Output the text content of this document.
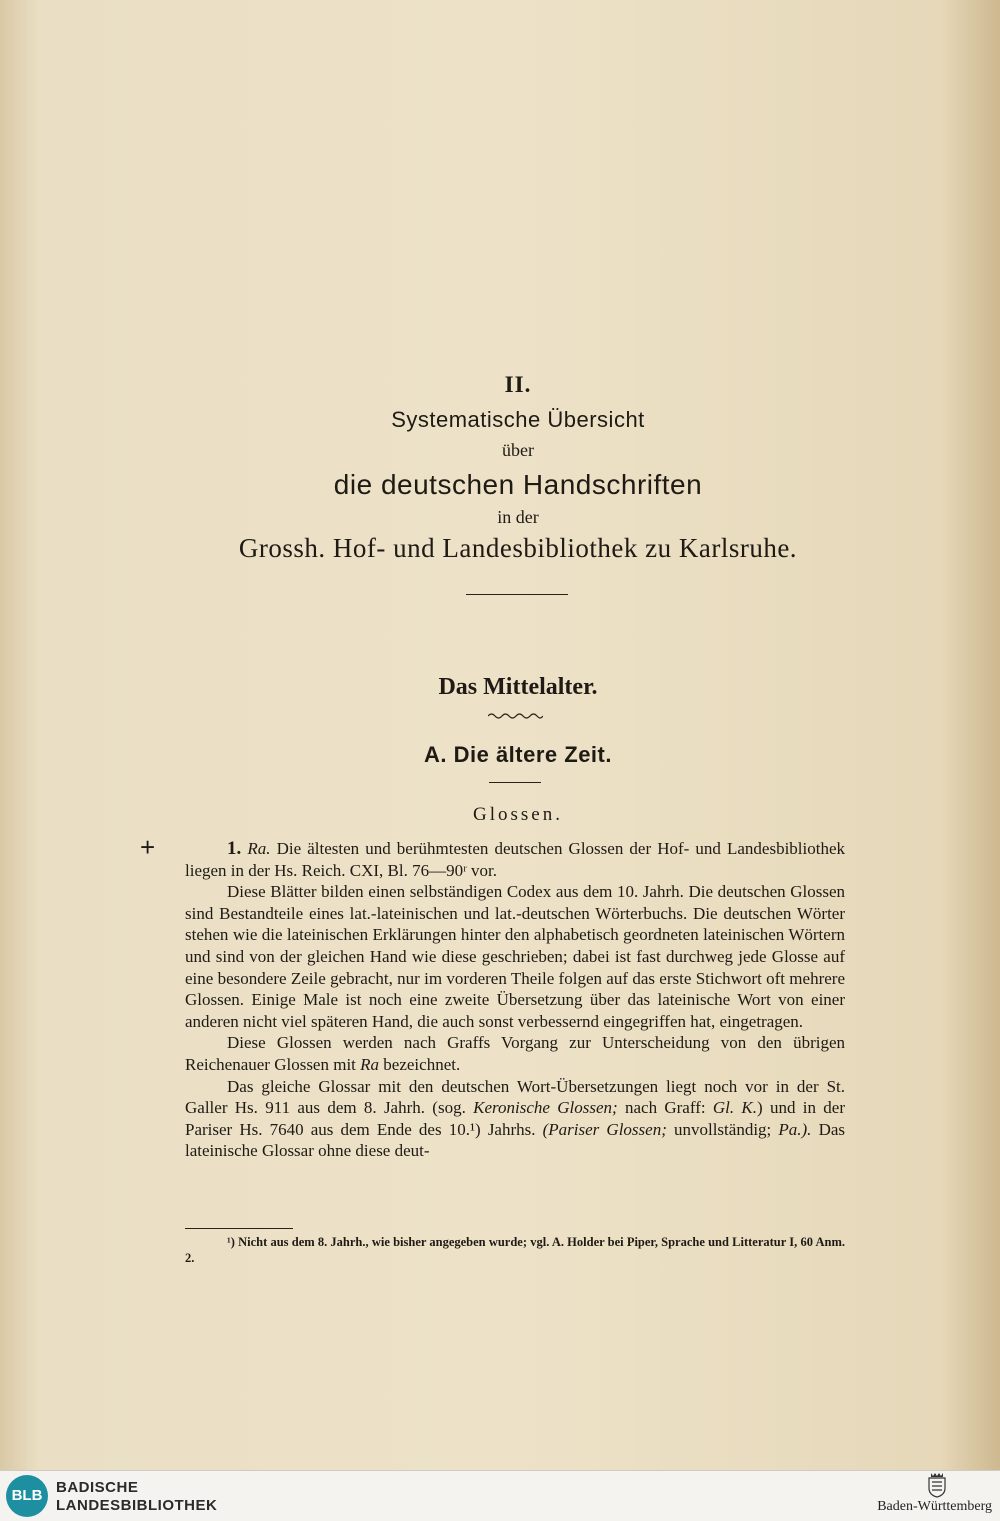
II.
Systematische Übersicht
über
die deutschen Handschriften
in der
Grossh. Hof- und Landesbibliothek zu Karlsruhe.
Das Mittelalter.
A. Die ältere Zeit.
Glossen.
+	1. Ra. Die ältesten und berühmtesten deutschen Glossen der Hof- und Landesbibliothek liegen in der Hs. Reich. CXI, Bl. 76—90ʳ vor.

Diese Blätter bilden einen selbständigen Codex aus dem 10. Jahrh. Die deutschen Glossen sind Bestandteile eines lat.-lateinischen und lat.-deutschen Wörterbuchs. Die deutschen Wörter stehen wie die lateinischen Erklärungen hinter den alphabetisch geordneten lateinischen Wörtern und sind von der gleichen Hand wie diese geschrieben; dabei ist fast durchweg jede Glosse auf eine besondere Zeile gebracht, nur im vorderen Theile folgen auf das erste Stichwort oft mehrere Glossen. Einige Male ist noch eine zweite Übersetzung über das lateinische Wort von einer anderen nicht viel späteren Hand, die auch sonst verbessernd eingegriffen hat, eingetragen.

Diese Glossen werden nach Graffs Vorgang zur Unterscheidung von den übrigen Reichenauer Glossen mit Ra bezeichnet.

Das gleiche Glossar mit den deutschen Wort-Übersetzungen liegt noch vor in der St. Galler Hs. 911 aus dem 8. Jahrh. (sog. Keronische Glossen; nach Graff: Gl. K.) und in der Pariser Hs. 7640 aus dem Ende des 10.¹) Jahrhs. (Pariser Glossen; unvollständig; Pa.). Das lateinische Glossar ohne diese deut-

¹) Nicht aus dem 8. Jahrh., wie bisher angegeben wurde; vgl. A. Holder bei Piper, Sprache und Litteratur I, 60 Anm. 2.

BLB BADISCHE
LANDESBIBLIOTHEK	Baden-Württemberg
